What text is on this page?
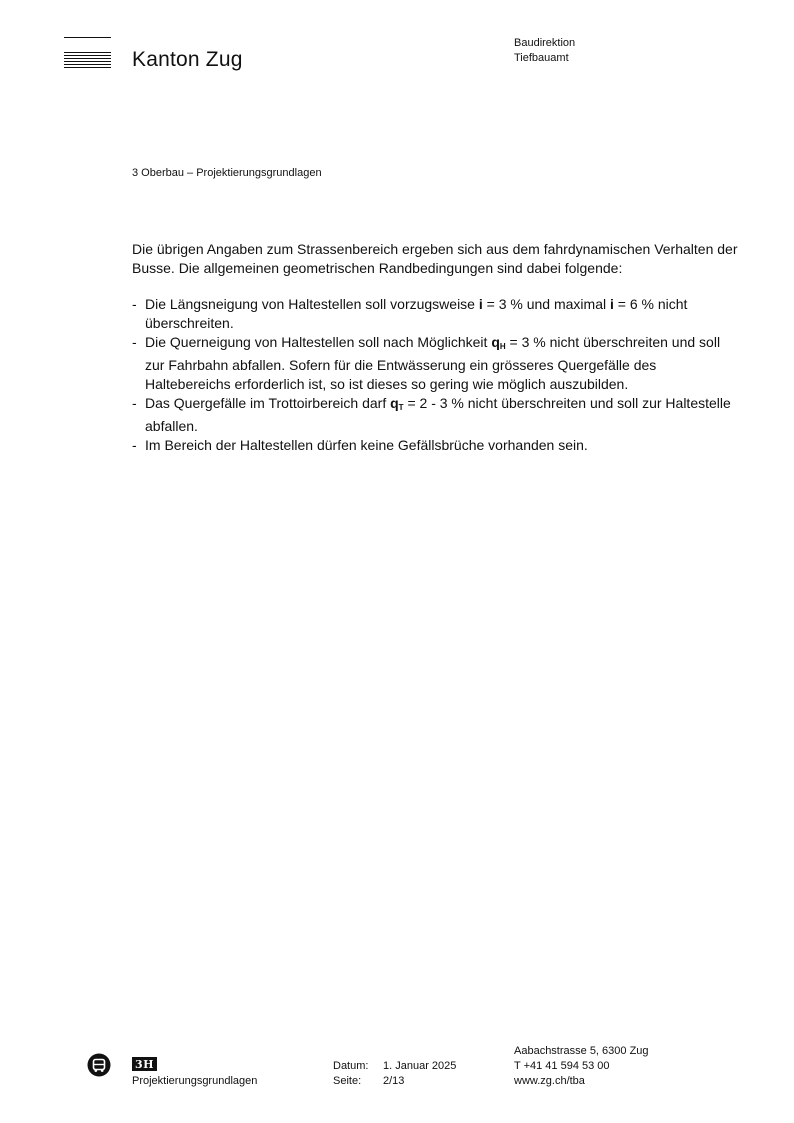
Kanton Zug
Baudirektion
Tiefbauamt
3 Oberbau – Projektierungsgrundlagen

Die übrigen Angaben zum Strassenbereich ergeben sich aus dem fahrdynamischen Verhalten der Busse. Die allgemeinen geometrischen Randbedingungen sind dabei folgende:

- Die Längsneigung von Haltestellen soll vorzugsweise i = 3 % und maximal i = 6 % nicht überschreiten.
- Die Querneigung von Haltestellen soll nach Möglichkeit $q_H = 3$ % nicht überschreiten und soll zur Fahrbahn abfallen. Sofern für die Entwässerung ein grösseres Quergefälle des Haltebereichs erforderlich ist, so ist dieses so gering wie möglich auszubilden.
- Das Quergefälle im Trottoirbereich darf $q_T = 2 - 3$ % nicht überschreiten und soll zur Haltestelle abfallen.
- Im Bereich der Haltestellen dürfen keine Gefällsbrüche vorhanden sein.
3H
Projektierungsgrundlagen
Datum:	1. Januar 2025
Seite:	2/13
Aabachstrasse 5, 6300 Zug
T +41 41 594 53 00
www.zg.ch/tba
